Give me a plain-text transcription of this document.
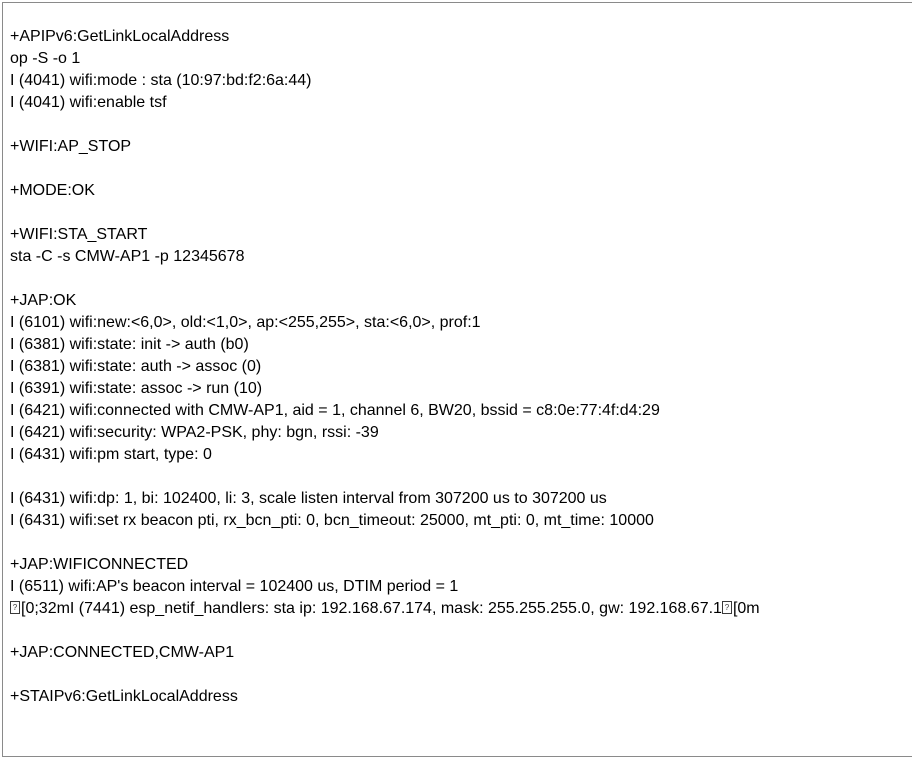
+APIPv6:GetLinkLocalAddress
op -S -o 1
I (4041) wifi:mode : sta (10:97:bd:f2:6a:44)
I (4041) wifi:enable tsf
+WIFI:AP_STOP
+MODE:OK
+WIFI:STA_START
sta -C -s CMW-AP1 -p 12345678
+JAP:OK
I (6101) wifi:new:<6,0>, old:<1,0>, ap:<255,255>, sta:<6,0>, prof:1
I (6381) wifi:state: init -> auth (b0)
I (6381) wifi:state: auth -> assoc (0)
I (6391) wifi:state: assoc -> run (10)
I (6421) wifi:connected with CMW-AP1, aid = 1, channel 6, BW20, bssid = c8:0e:77:4f:d4:29
I (6421) wifi:security: WPA2-PSK, phy: bgn, rssi: -39
I (6431) wifi:pm start, type: 0
I (6431) wifi:dp: 1, bi: 102400, li: 3, scale listen interval from 307200 us to 307200 us
I (6431) wifi:set rx beacon pti, rx_bcn_pti: 0, bcn_timeout: 25000, mt_pti: 0, mt_time: 10000
+JAP:WIFICONNECTED
I (6511) wifi:AP's beacon interval = 102400 us, DTIM period = 1
? [0;32mI (7441) esp_netif_handlers: sta ip: 192.168.67.174, mask: 255.255.255.0, gw: 192.168.67.1 ? [0m
+JAP:CONNECTED,CMW-AP1
+STAIPv6:GetLinkLocalAddress
